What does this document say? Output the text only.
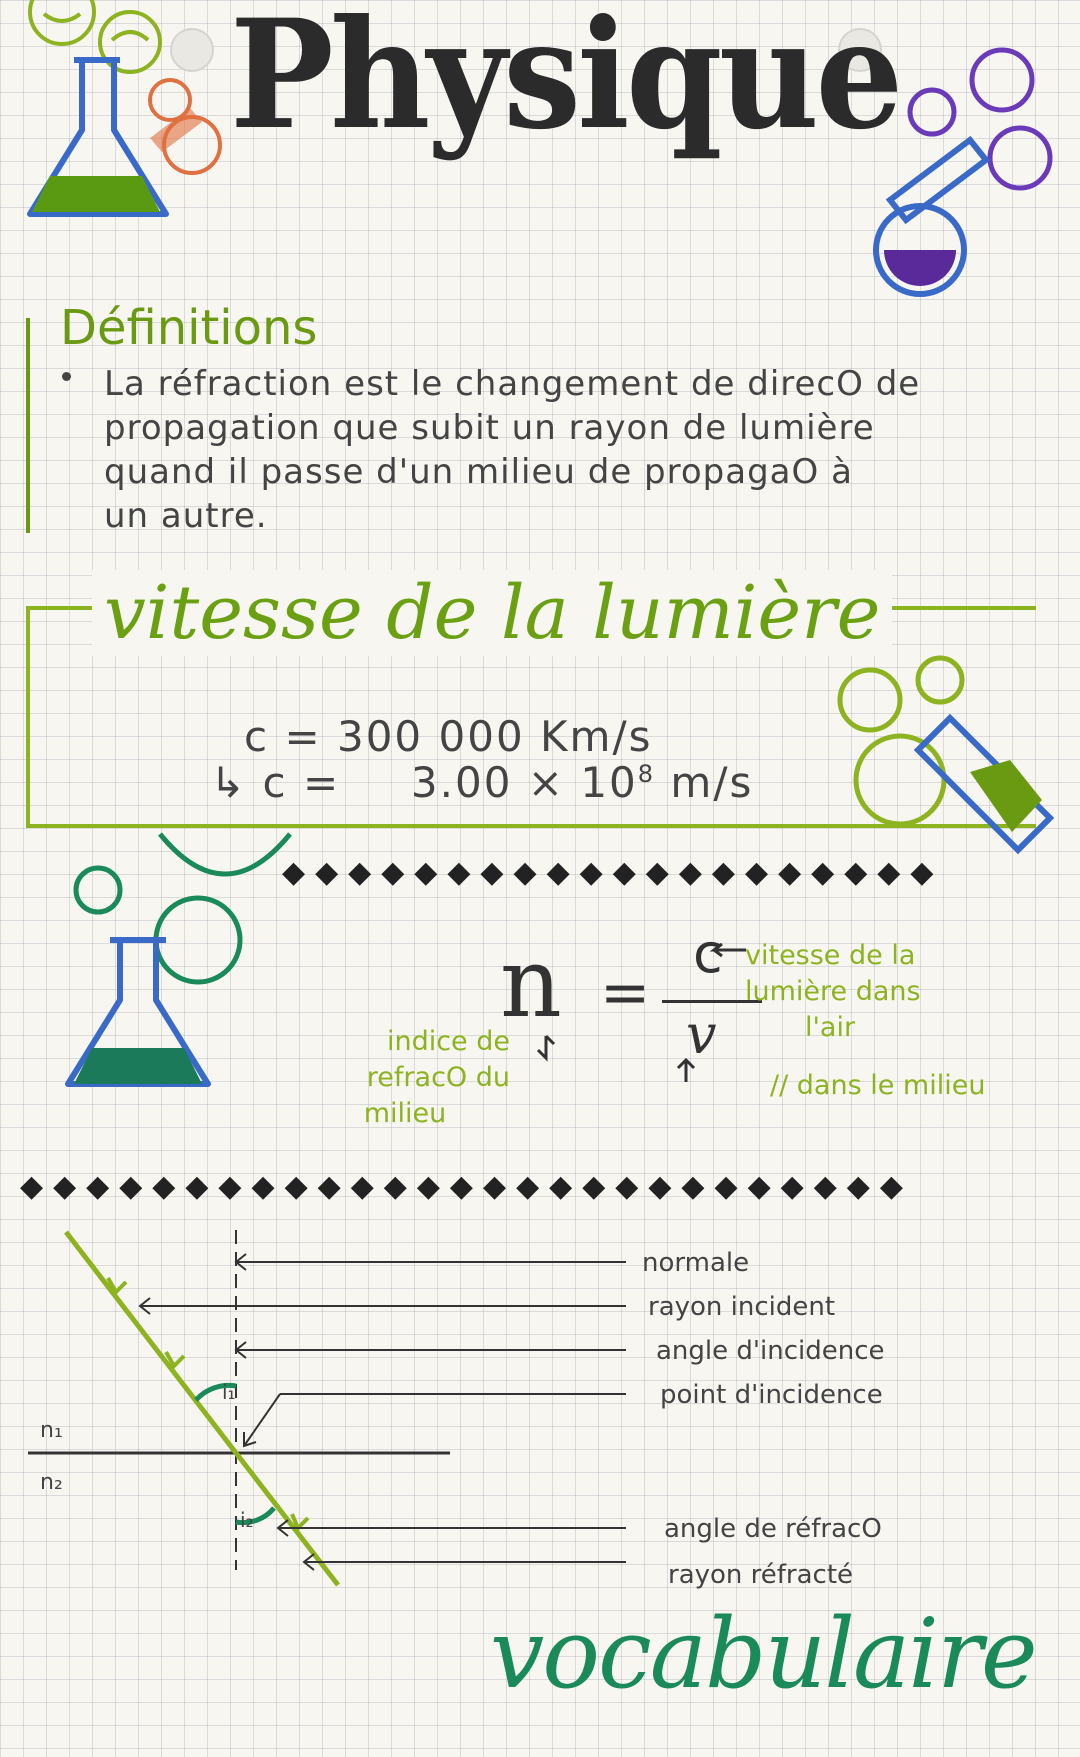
Physique
Définitions
La réfraction est le changement de direcO de
propagation que subit un rayon de lumière
quand il passe d'un milieu de propagaO à
un autre.
vitesse de la lumière
c = 300 000 Km/s
↳ $c = 3.00 \times 10^8$ m/s
◆◆◆◆◆◆◆◆◆◆◆◆◆◆◆◆◆◆◆◆
n =
c
v
indice de
refracO du
milieu
vitesse de la
lumière dans
l'air
// dans le milieu
◆◆◆◆◆◆◆◆◆◆◆◆◆◆◆◆◆◆◆◆◆◆◆◆◆◆◆
n₁
n₂
i₁
i₂
normale
rayon incident
angle d'incidence
point d'incidence
angle de réfracO
rayon réfracté
vocabulaire
